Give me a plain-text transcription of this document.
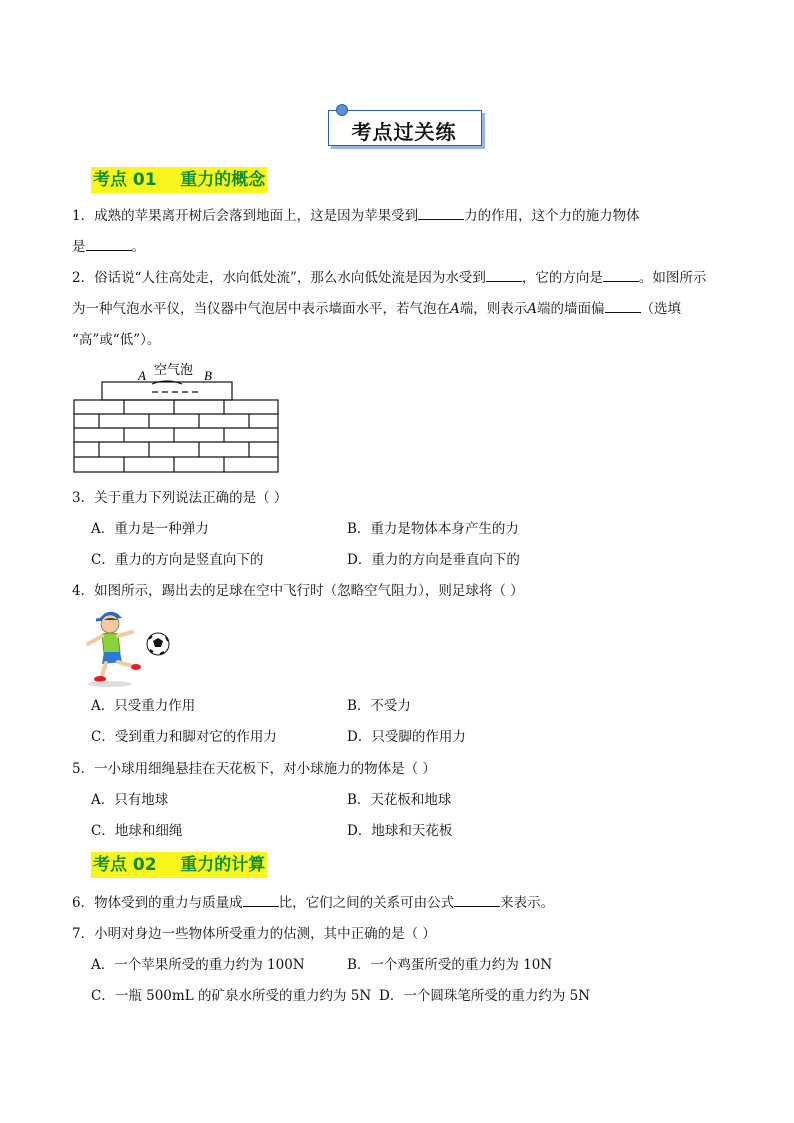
考点过关练
考点 01    重力的概念
1．成熟的苹果离开树后会落到地面上，这是因为苹果受到	力的作用，这个力的施力物体
是	。
2．俗话说“人往高处走，水向低处流”，那么水向低处流是因为水受到	，它的方向是	。如图所示
为一种气泡水平仪，当仪器中气泡居中表示墙面水平，若气泡在A端，则表示A端的墙面偏	（选填
“高”或“低”）。
A 空气泡 B
3．关于重力下列说法正确的是（ ）
A．重力是一种弹力	B．重力是物体本身产生的力
C．重力的方向是竖直向下的	D．重力的方向是垂直向下的
4．如图所示，踢出去的足球在空中飞行时（忽略空气阻力），则足球将（ ）
A．只受重力作用	B．不受力
C．受到重力和脚对它的作用力	D．只受脚的作用力
5．一小球用细绳悬挂在天花板下，对小球施力的物体是（ ）
A．只有地球	B．天花板和地球
C．地球和细绳	D．地球和天花板
考点 02    重力的计算
6．物体受到的重力与质量成	比，它们之间的关系可由公式	来表示。
7．小明对身边一些物体所受重力的估测，其中正确的是（ ）
A．一个苹果所受的重力约为 100N	B．一个鸡蛋所受的重力约为 10N
C．一瓶 500mL 的矿泉水所受的重力约为 5N D．一个圆珠笔所受的重力约为 5N
